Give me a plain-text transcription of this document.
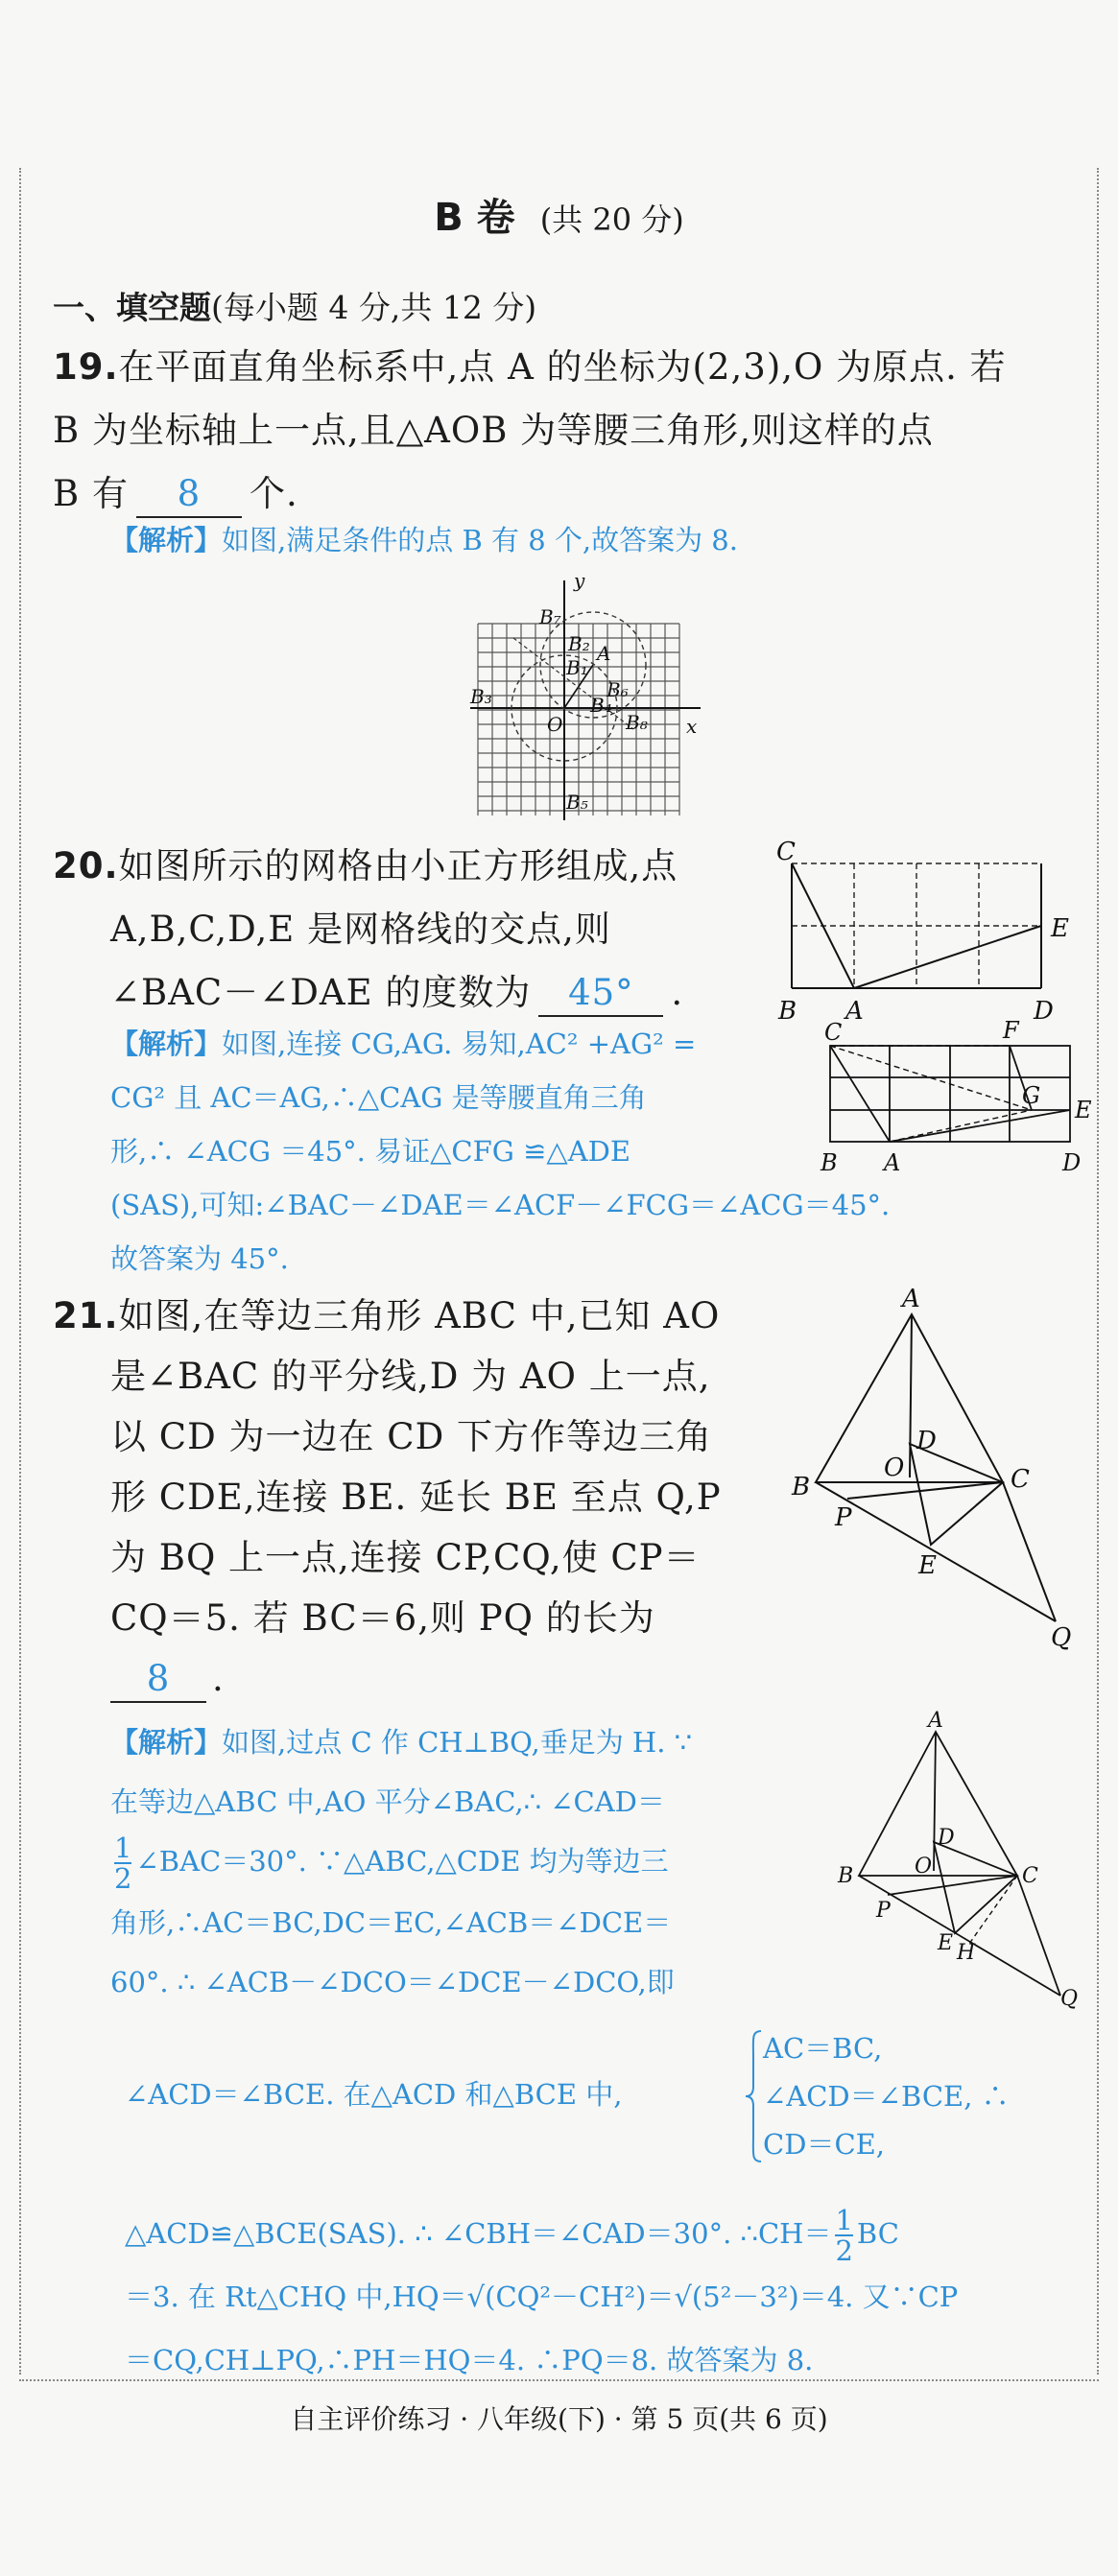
B 卷 (共 20 分)
一、填空题(每小题 4 分,共 12 分)
19.在平面直角坐标系中,点 A 的坐标为(2,3),O 为原点. 若
B 为坐标轴上一点,且△AOB 为等腰三角形,则这样的点
B 有 8 个.
【解析】如图,满足条件的点 B 有 8 个,故答案为 8.
B₇
B₂ A
B₁
B₆
B₃
O
B₄
B₈
B₅
x
y
20.如图所示的网格由小正方形组成,点
A,B,C,D,E 是网格线的交点,则
∠BAC－∠DAE 的度数为 45° .
C
E
B A	D
【解析】如图,连接 CG,AG. 易知,AC² +AG² =
CG² 且 AC＝AG,∴△CAG 是等腰直角三角
形,∴ ∠ACG ＝45°. 易证△CFG ≌△ADE
(SAS),可知:∠BAC－∠DAE＝∠ACF－∠FCG＝∠ACG＝45°.
故答案为 45°.
C	F
G
E
B A	D
21.如图,在等边三角形 ABC 中,已知 AO
是∠BAC 的平分线,D 为 AO 上一点,
以 CD 为一边在 CD 下方作等边三角
形 CDE,连接 BE. 延长 BE 至点 Q,P
为 BQ 上一点,连接 CP,CQ,使 CP＝
CQ＝5. 若 BC＝6,则 PQ 的长为
8 .
A
D
O
B	C
P
E
Q
【解析】如图,过点 C 作 CH⊥BQ,垂足为 H. ∵
在等边△ABC 中,AO 平分∠BAC,∴ ∠CAD＝
$\frac{1}{2}$ ∠BAC＝30°. ∵△ABC,△CDE 均为等边三
角形,∴AC＝BC,DC＝EC,∠ACB＝∠DCE＝
60°. ∴ ∠ACB－∠DCO＝∠DCE－∠DCO,即
A
D
O
B	C
P
E H
Q
∠ACD＝∠BCE. 在△ACD 和△BCE 中,
AC＝BC,
∠ACD＝∠BCE, ∴
CD＝CE,
△ACD≌△BCE(SAS). ∴ ∠CBH＝∠CAD＝30°. ∴CH＝ $\frac{1}{2}$ BC
＝3. 在 Rt△CHQ 中,HQ＝√(CQ²－CH²)＝√(5²－3²)＝4. 又∵CP
＝CQ,CH⊥PQ,∴PH＝HQ＝4. ∴PQ＝8. 故答案为 8.
自主评价练习 · 八年级(下) · 第 5 页(共 6 页)
